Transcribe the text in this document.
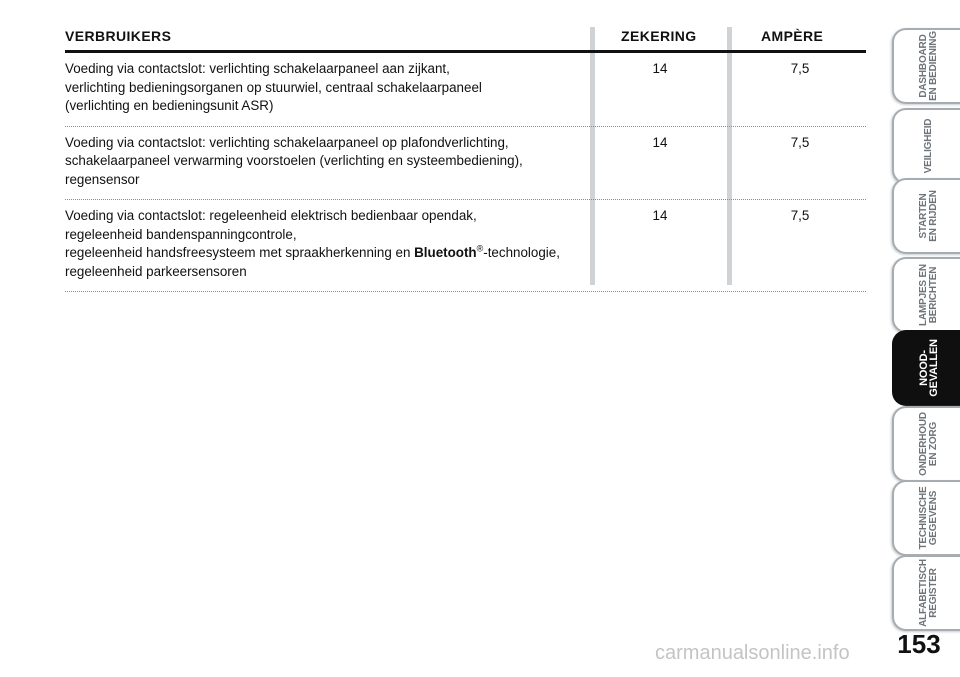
VERBRUIKERS	ZEKERING	AMPÈRE
Voeding via contactslot: verlichting schakelaarpaneel aan zijkant,
verlichting bedieningsorganen op stuurwiel, centraal schakelaarpaneel
(verlichting en bedieningsunit ASR)
14	7,5
Voeding via contactslot: verlichting schakelaarpaneel op plafondverlichting,
schakelaarpaneel verwarming voorstoelen (verlichting en systeembediening),
regensensor
14	7,5
Voeding via contactslot: regeleenheid elektrisch bedienbaar opendak,
regeleenheid bandenspanningcontrole,
regeleenheid handsfreesysteem met spraakherkenning en Bluetooth®-technologie,
regeleenheid parkeersensoren
14	7,5
DASHBOARD EN BEDIENING
VEILIGHEID
STARTEN EN RIJDEN
LAMPJES EN BERICHTEN
NOOD-
GEVALLEN
ONDERHOUD EN ZORG
TECHNISCHE GEGEVENS
ALFABETISCH REGISTER
153
carmanualsonline.info
